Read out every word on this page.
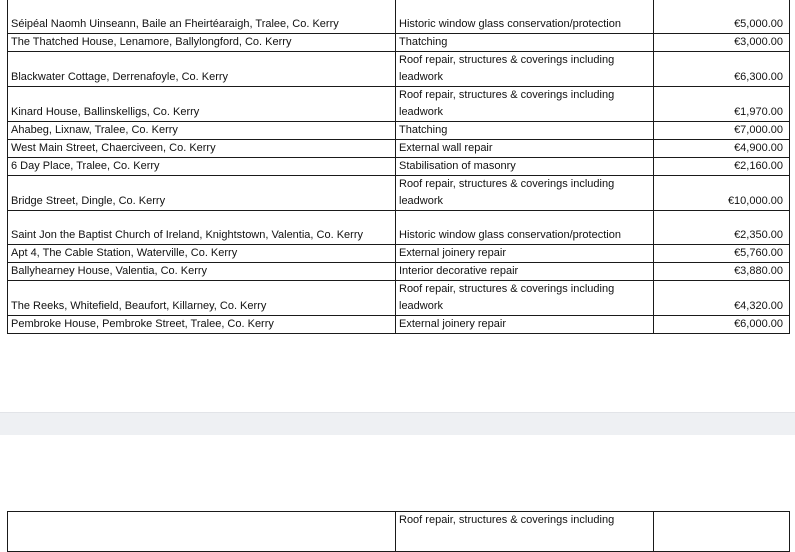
Séipéal Naomh Uinseann, Baile an Fheirtéaraigh, Tralee, Co. Kerry	Historic window glass conservation/protection	€5,000.00
The Thatched House, Lenamore, Ballylongford, Co. Kerry	Thatching	€3,000.00
Blackwater Cottage, Derrenafoyle, Co. Kerry	Roof repair, structures & coverings including leadwork	€6,300.00
Kinard House, Ballinskelligs, Co. Kerry	Roof repair, structures & coverings including leadwork	€1,970.00
Ahabeg, Lixnaw, Tralee, Co. Kerry	Thatching	€7,000.00
West Main Street, Chaerciveen, Co. Kerry	External wall repair	€4,900.00
6 Day Place, Tralee, Co. Kerry	Stabilisation of masonry	€2,160.00
Bridge Street, Dingle, Co. Kerry	Roof repair, structures & coverings including leadwork	€10,000.00
Saint Jon the Baptist Church of Ireland, Knightstown, Valentia, Co. Kerry	Historic window glass conservation/protection	€2,350.00
Apt 4, The Cable Station, Waterville, Co. Kerry	External joinery repair	€5,760.00
Ballyhearney House, Valentia, Co. Kerry	Interior decorative repair	€3,880.00
The Reeks, Whitefield, Beaufort, Killarney, Co. Kerry	Roof repair, structures & coverings including leadwork	€4,320.00
Pembroke House, Pembroke Street, Tralee, Co. Kerry	External joinery repair	€6,000.00
	Roof repair, structures & coverings including	
